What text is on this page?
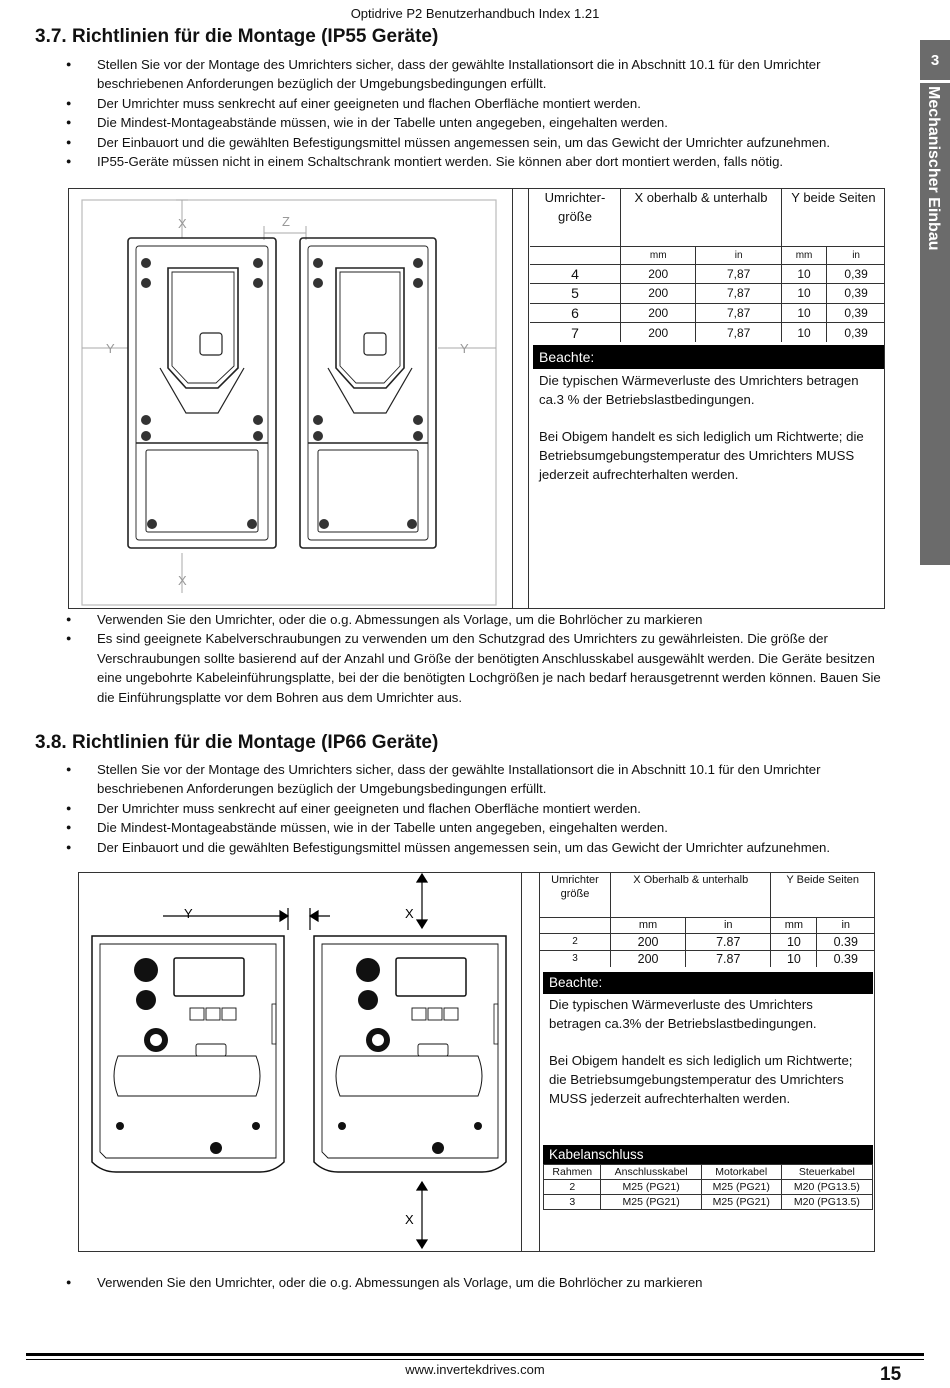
Optidrive P2 Benutzerhandbuch Index 1.21
3.7. Richtlinien für die Montage (IP55 Geräte)
3
Mechanischer Einbau
● Stellen Sie vor der Montage des Umrichters sicher, dass der gewählte Installationsort die in Abschnitt 10.1 für den Umrichter beschriebenen Anforderungen bezüglich der Umgebungsbedingungen erfüllt.
● Der Umrichter muss senkrecht auf einer geeigneten und flachen Oberfläche montiert werden.
● Die Mindest-Montageabstände müssen, wie in der Tabelle unten angegeben, eingehalten werden.
● Der Einbauort und die gewählten Befestigungsmittel müssen angemessen sein, um das Gewicht der Umrichter aufzunehmen.
● IP55-Geräte müssen nicht in einem Schaltschrank montiert werden. Sie können aber dort montiert werden, falls nötig.
X	Z
X
Y	Y
Umrichter-größe	X oberhalb & unterhalb		Y beide Seiten	
	mm	in	mm	in
4	200	7,87	10	0,39
5	200	7,87	10	0,39
6	200	7,87	10	0,39
7	200	7,87	10	0,39
Beachte:
Die typischen Wärmeverluste des Umrichters betragen ca.3 % der Betriebslastbedingungen.
Bei Obigem handelt es sich lediglich um Richtwerte; die Betriebsumgebungstemperatur des Umrichters MUSS jederzeit aufrechterhalten werden.
● Verwenden Sie den Umrichter, oder die o.g. Abmessungen als Vorlage, um die Bohrlöcher zu markieren
● Es sind geeignete Kabelverschraubungen zu verwenden um den Schutzgrad des Umrichters zu gewährleisten. Die größe der Verschraubungen sollte basierend auf der Anzahl und Größe der benötigten Anschlusskabel ausgewählt werden. Die Geräte besitzen eine ungebohrte Kabeleinführungsplatte, bei der die benötigten Lochgrößen je nach bedarf herausgetrennt werden können. Bauen Sie die Einführungsplatte vor dem Bohren aus dem Umrichter aus.
3.8. Richtlinien für die Montage (IP66 Geräte)
● Stellen Sie vor der Montage des Umrichters sicher, dass der gewählte Installationsort die in Abschnitt 10.1 für den Umrichter beschriebenen Anforderungen bezüglich der Umgebungsbedingungen erfüllt.
● Der Umrichter muss senkrecht auf einer geeigneten und flachen Oberfläche montiert werden.
● Die Mindest-Montageabstände müssen, wie in der Tabelle unten angegeben, eingehalten werden.
● Der Einbauort und die gewählten Befestigungsmittel müssen angemessen sein, um das Gewicht der Umrichter aufzunehmen.
Y	X
X
Umrichter größe	X Oberhalb & unterhalb		Y Beide Seiten	
	mm	in	mm	in
2	200	7.87	10	0.39
3	200	7.87	10	0.39
Beachte:
Die typischen Wärmeverluste des Umrichters betragen ca.3% der Betriebslastbedingungen.
Bei Obigem handelt es sich lediglich um Richtwerte; die Betriebsumgebungstemperatur des Umrichters MUSS jederzeit aufrechterhalten werden.
Kabelanschluss
Rahmen	Anschlusskabel	Motorkabel	Steuerkabel
2	M25 (PG21)	M25 (PG21)	M20 (PG13.5)
3	M25 (PG21)	M25 (PG21)	M20 (PG13.5)
● Verwenden Sie den Umrichter, oder die o.g. Abmessungen als Vorlage, um die Bohrlöcher zu markieren
www.invertekdrives.com	15
